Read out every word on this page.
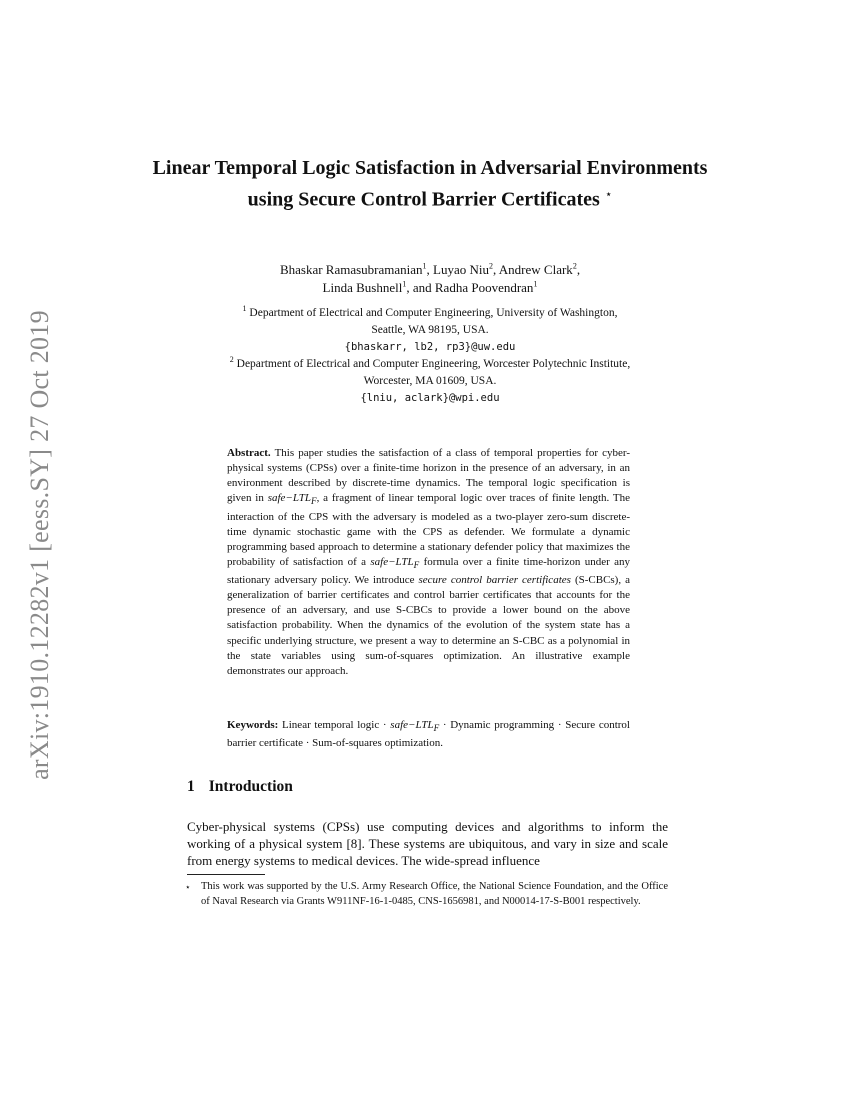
arXiv:1910.12282v1 [eess.SY] 27 Oct 2019
Linear Temporal Logic Satisfaction in Adversarial Environments using Secure Control Barrier Certificates ⋆
Bhaskar Ramasubramanian$^1$, Luyao Niu$^2$, Andrew Clark$^2$,
Linda Bushnell$^1$, and Radha Poovendran$^1$
$^1$ Department of Electrical and Computer Engineering, University of Washington,
Seattle, WA 98195, USA.
{bhaskarr, lb2, rp3}@uw.edu
$^2$ Department of Electrical and Computer Engineering, Worcester Polytechnic Institute,
Worcester, MA 01609, USA.
{lniu, aclark}@wpi.edu
Abstract. This paper studies the satisfaction of a class of temporal properties for cyber-physical systems (CPSs) over a finite-time horizon in the presence of an adversary, in an environment described by discrete-time dynamics. The temporal logic specification is given in $safe-LTL_F$, a fragment of linear temporal logic over traces of finite length. The interaction of the CPS with the adversary is modeled as a two-player zero-sum discrete-time dynamic stochastic game with the CPS as defender. We formulate a dynamic programming based approach to determine a stationary defender policy that maximizes the probability of satisfaction of a $safe-LTL_F$ formula over a finite time-horizon under any stationary adversary policy. We introduce secure control barrier certificates (S-CBCs), a generalization of barrier certificates and control barrier certificates that accounts for the presence of an adversary, and use S-CBCs to provide a lower bound on the above satisfaction probability. When the dynamics of the evolution of the system state has a specific underlying structure, we present a way to determine an S-CBC as a polynomial in the state variables using sum-of-squares optimization. An illustrative example demonstrates our approach.
Keywords: Linear temporal logic · $safe-LTL_F$ · Dynamic programming · Secure control barrier certificate · Sum-of-squares optimization.
1 Introduction
Cyber-physical systems (CPSs) use computing devices and algorithms to inform the working of a physical system [8]. These systems are ubiquitous, and vary in size and scale from energy systems to medical devices. The wide-spread influence
⋆ This work was supported by the U.S. Army Research Office, the National Science Foundation, and the Office of Naval Research via Grants W911NF-16-1-0485, CNS-1656981, and N00014-17-S-B001 respectively.
